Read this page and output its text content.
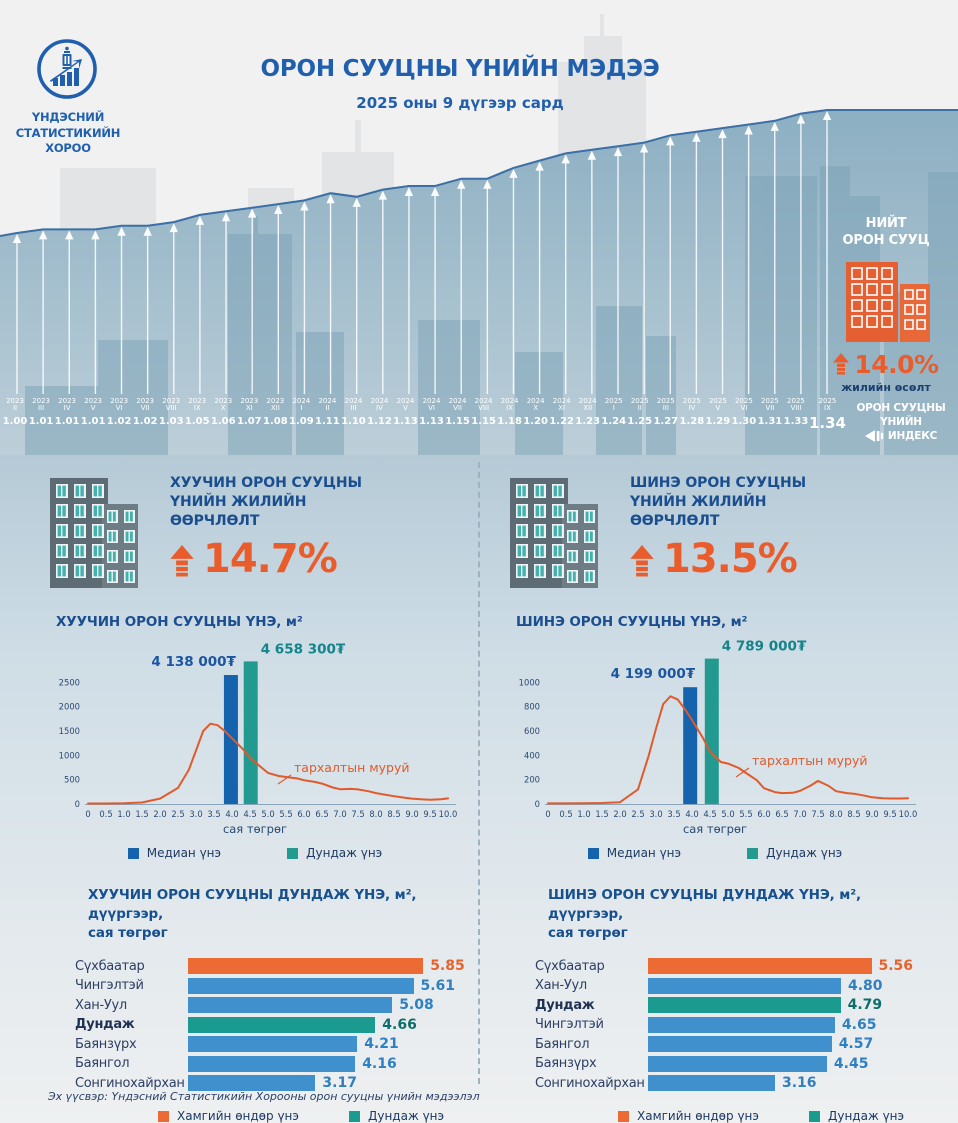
ҮНДЭСНИЙ
СТАТИСТИКИЙН
ХОРОО
ОРОН СУУЦНЫ ҮНИЙН МЭДЭЭ
2025 оны 9 дүгээр сард
НИЙТ
ОРОН СУУЦ
14.0%
жилийн өсөлт
2023
II
1.00
2023
III
1.01
2023
IV
1.01
2023
V
1.01
2023
VI
1.02
2023
VII
1.02
2023
VIII
1.03
2023
IX
1.05
2023
X
1.06
2023
XI
1.07
2023
XII
1.08
2024
I
1.09
2024
II
1.11
2024
III
1.10
2024
IV
1.12
2024
V
1.13
2024
VI
1.13
2024
VII
1.15
2024
VIII
1.15
2024
IX
1.18
2024
X
1.20
2024
XI
1.22
2024
XII
1.23
2025
I
1.24
2025
II
1.25
2025
III
1.27
2025
IV
1.28
2025
V
1.29
2025
VI
1.30
2025
VII
1.31
2025
VIII
1.33
2025
IX
1.34
ОРОН СУУЦНЫ
ҮНИЙН
ИНДЕКС
ХУУЧИН ОРОН СУУЦНЫ
ҮНИЙН ЖИЛИЙН
ӨӨРЧЛӨЛТ
14.7%
ХУУЧИН ОРОН СУУЦНЫ ҮНЭ, м²
0
500
1000
1500
2000
2500
0 0.5 1.0 1.5 2.0 2.5 3.0 3.5 4.0 4.5 5.0 5.5 6.0 6.5 7.0 7.5 8.0 8.5 9.0 9.5 10.0
4 138 000₮
4 658 300₮
тархалтын муруй
сая төгрөг
Медиан үнэ	Дундаж үнэ
ХУУЧИН ОРОН СУУЦНЫ ДУНДАЖ ҮНЭ, м², дүүргээр,
сая төгрөг
Сүхбаатар	5.85
Чингэлтэй	5.61
Хан-Уул	5.08
Дундаж	4.66
Баянзүрх	4.21
Баянгол	4.16
Сонгинохайрхан	3.17
Хамгийн өндөр үнэ	Дундаж үнэ
ШИНЭ ОРОН СУУЦНЫ
ҮНИЙН ЖИЛИЙН
ӨӨРЧЛӨЛТ
13.5%
ШИНЭ ОРОН СУУЦНЫ ҮНЭ, м²
0
200
400
600
800
1000
0 0.5 1.0 1.5 2.0 2.5 3.0 3.5 4.0 4.5 5.0 5.5 6.0 6.5 7.0 7.5 8.0 8.5 9.0 9.5 10.0
4 199 000₮
4 789 000₮
тархалтын муруй
сая төгрөг
Медиан үнэ	Дундаж үнэ
ШИНЭ ОРОН СУУЦНЫ ДУНДАЖ ҮНЭ, м², дүүргээр,
сая төгрөг
Сүхбаатар	5.56
Хан-Уул	4.80
Дундаж	4.79
Чингэлтэй	4.65
Баянгол	4.57
Баянзүрх	4.45
Сонгинохайрхан	3.16
Хамгийн өндөр үнэ	Дундаж үнэ
Эх үүсвэр: Үндэсний Статистикийн Хорооны орон сууцны үнийн мэдээлэл
